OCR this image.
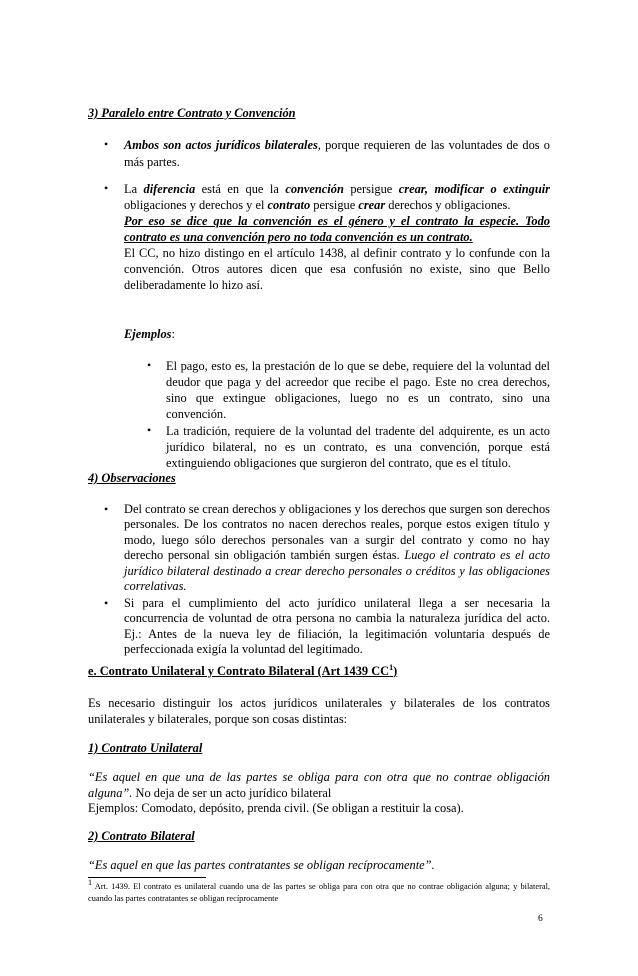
3) Paralelo entre Contrato y Convención
•	Ambos son actos jurídicos bilaterales, porque requieren de las voluntades de dos o más partes.
•	La diferencia está en que la convención persigue crear, modificar o extinguir obligaciones y derechos y el contrato persigue crear derechos y obligaciones.
Por eso se dice que la convención es el género y el contrato la especie. Todo contrato es una convención pero no toda convención es un contrato.
El CC, no hizo distingo en el artículo 1438, al definir contrato y lo confunde con la convención. Otros autores dicen que esa confusión no existe, sino que Bello deliberadamente lo hizo así.
Ejemplos:
•	El pago, esto es, la prestación de lo que se debe, requiere del la voluntad del deudor que paga y del acreedor que recibe el pago. Este no crea derechos, sino que extingue obligaciones, luego no es un contrato, sino una convención.
•	La tradición, requiere de la voluntad del tradente del adquirente, es un acto jurídico bilateral, no es un contrato, es una convención, porque está extinguiendo obligaciones que surgieron del contrato, que es el título.
4) Observaciones
•	Del contrato se crean derechos y obligaciones y los derechos que surgen son derechos personales. De los contratos no nacen derechos reales, porque estos exigen título y modo, luego sólo derechos personales van a surgir del contrato y como no hay derecho personal sin obligación también surgen éstas. Luego el contrato es el acto jurídico bilateral destinado a crear derecho personales o créditos y las obligaciones correlativas.
•	Si para el cumplimiento del acto jurídico unilateral llega a ser necesaria la concurrencia de voluntad de otra persona no cambia la naturaleza jurídica del acto. Ej.: Antes de la nueva ley de filiación, la legitimación voluntaria después de perfeccionada exigía la voluntad del legitimado.
e. Contrato Unilateral y Contrato Bilateral (Art 1439 $CC^1$)
Es necesario distinguir los actos jurídicos unilaterales y bilaterales de los contratos unilaterales y bilaterales, porque son cosas distintas:
1) Contrato Unilateral
“Es aquel en que una de las partes se obliga para con otra que no contrae obligación alguna”. No deja de ser un acto jurídico bilateral
Ejemplos: Comodato, depósito, prenda civil. (Se obligan a restituir la cosa).
2) Contrato Bilateral
“Es aquel en que las partes contratantes se obligan recíprocamente”.
$^1$ Art. 1439. El contrato es unilateral cuando una de las partes se obliga para con otra que no contrae obligación alguna; y bilateral, cuando las partes contratantes se obligan recíprocamente
6
